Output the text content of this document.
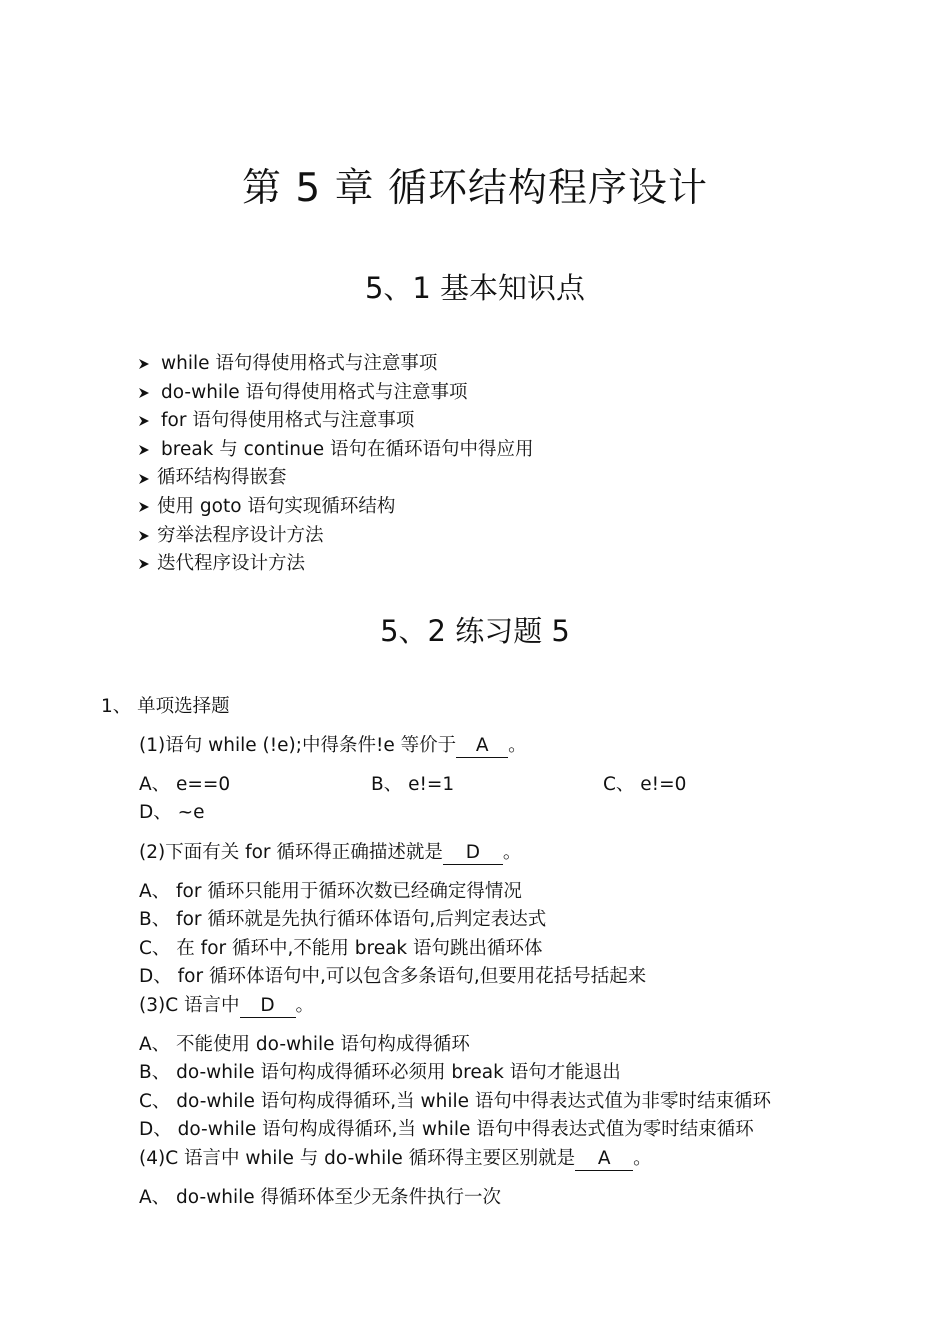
第 5 章 循环结构程序设计
5、1 基本知识点
while 语句得使用格式与注意事项
do-while 语句得使用格式与注意事项
for 语句得使用格式与注意事项
break 与 continue 语句在循环语句中得应用
循环结构得嵌套
使用 goto 语句实现循环结构
穷举法程序设计方法
迭代程序设计方法
5、2 练习题 5
1、 单项选择题
(1)语句 while (!e);中得条件!e 等价于 A 。
A、 e==0	B、 e!=1	C、 e!=0
D、 ~e
(2)下面有关 for 循环得正确描述就是 D 。
A、 for 循环只能用于循环次数已经确定得情况
B、 for 循环就是先执行循环体语句,后判定表达式
C、 在 for 循环中,不能用 break 语句跳出循环体
D、 for 循环体语句中,可以包含多条语句,但要用花括号括起来
(3)C 语言中 D 。
A、 不能使用 do-while 语句构成得循环
B、 do-while 语句构成得循环必须用 break 语句才能退出
C、 do-while 语句构成得循环,当 while 语句中得表达式值为非零时结束循环
D、 do-while 语句构成得循环,当 while 语句中得表达式值为零时结束循环
(4)C 语言中 while 与 do-while 循环得主要区别就是 A 。
A、 do-while 得循环体至少无条件执行一次
